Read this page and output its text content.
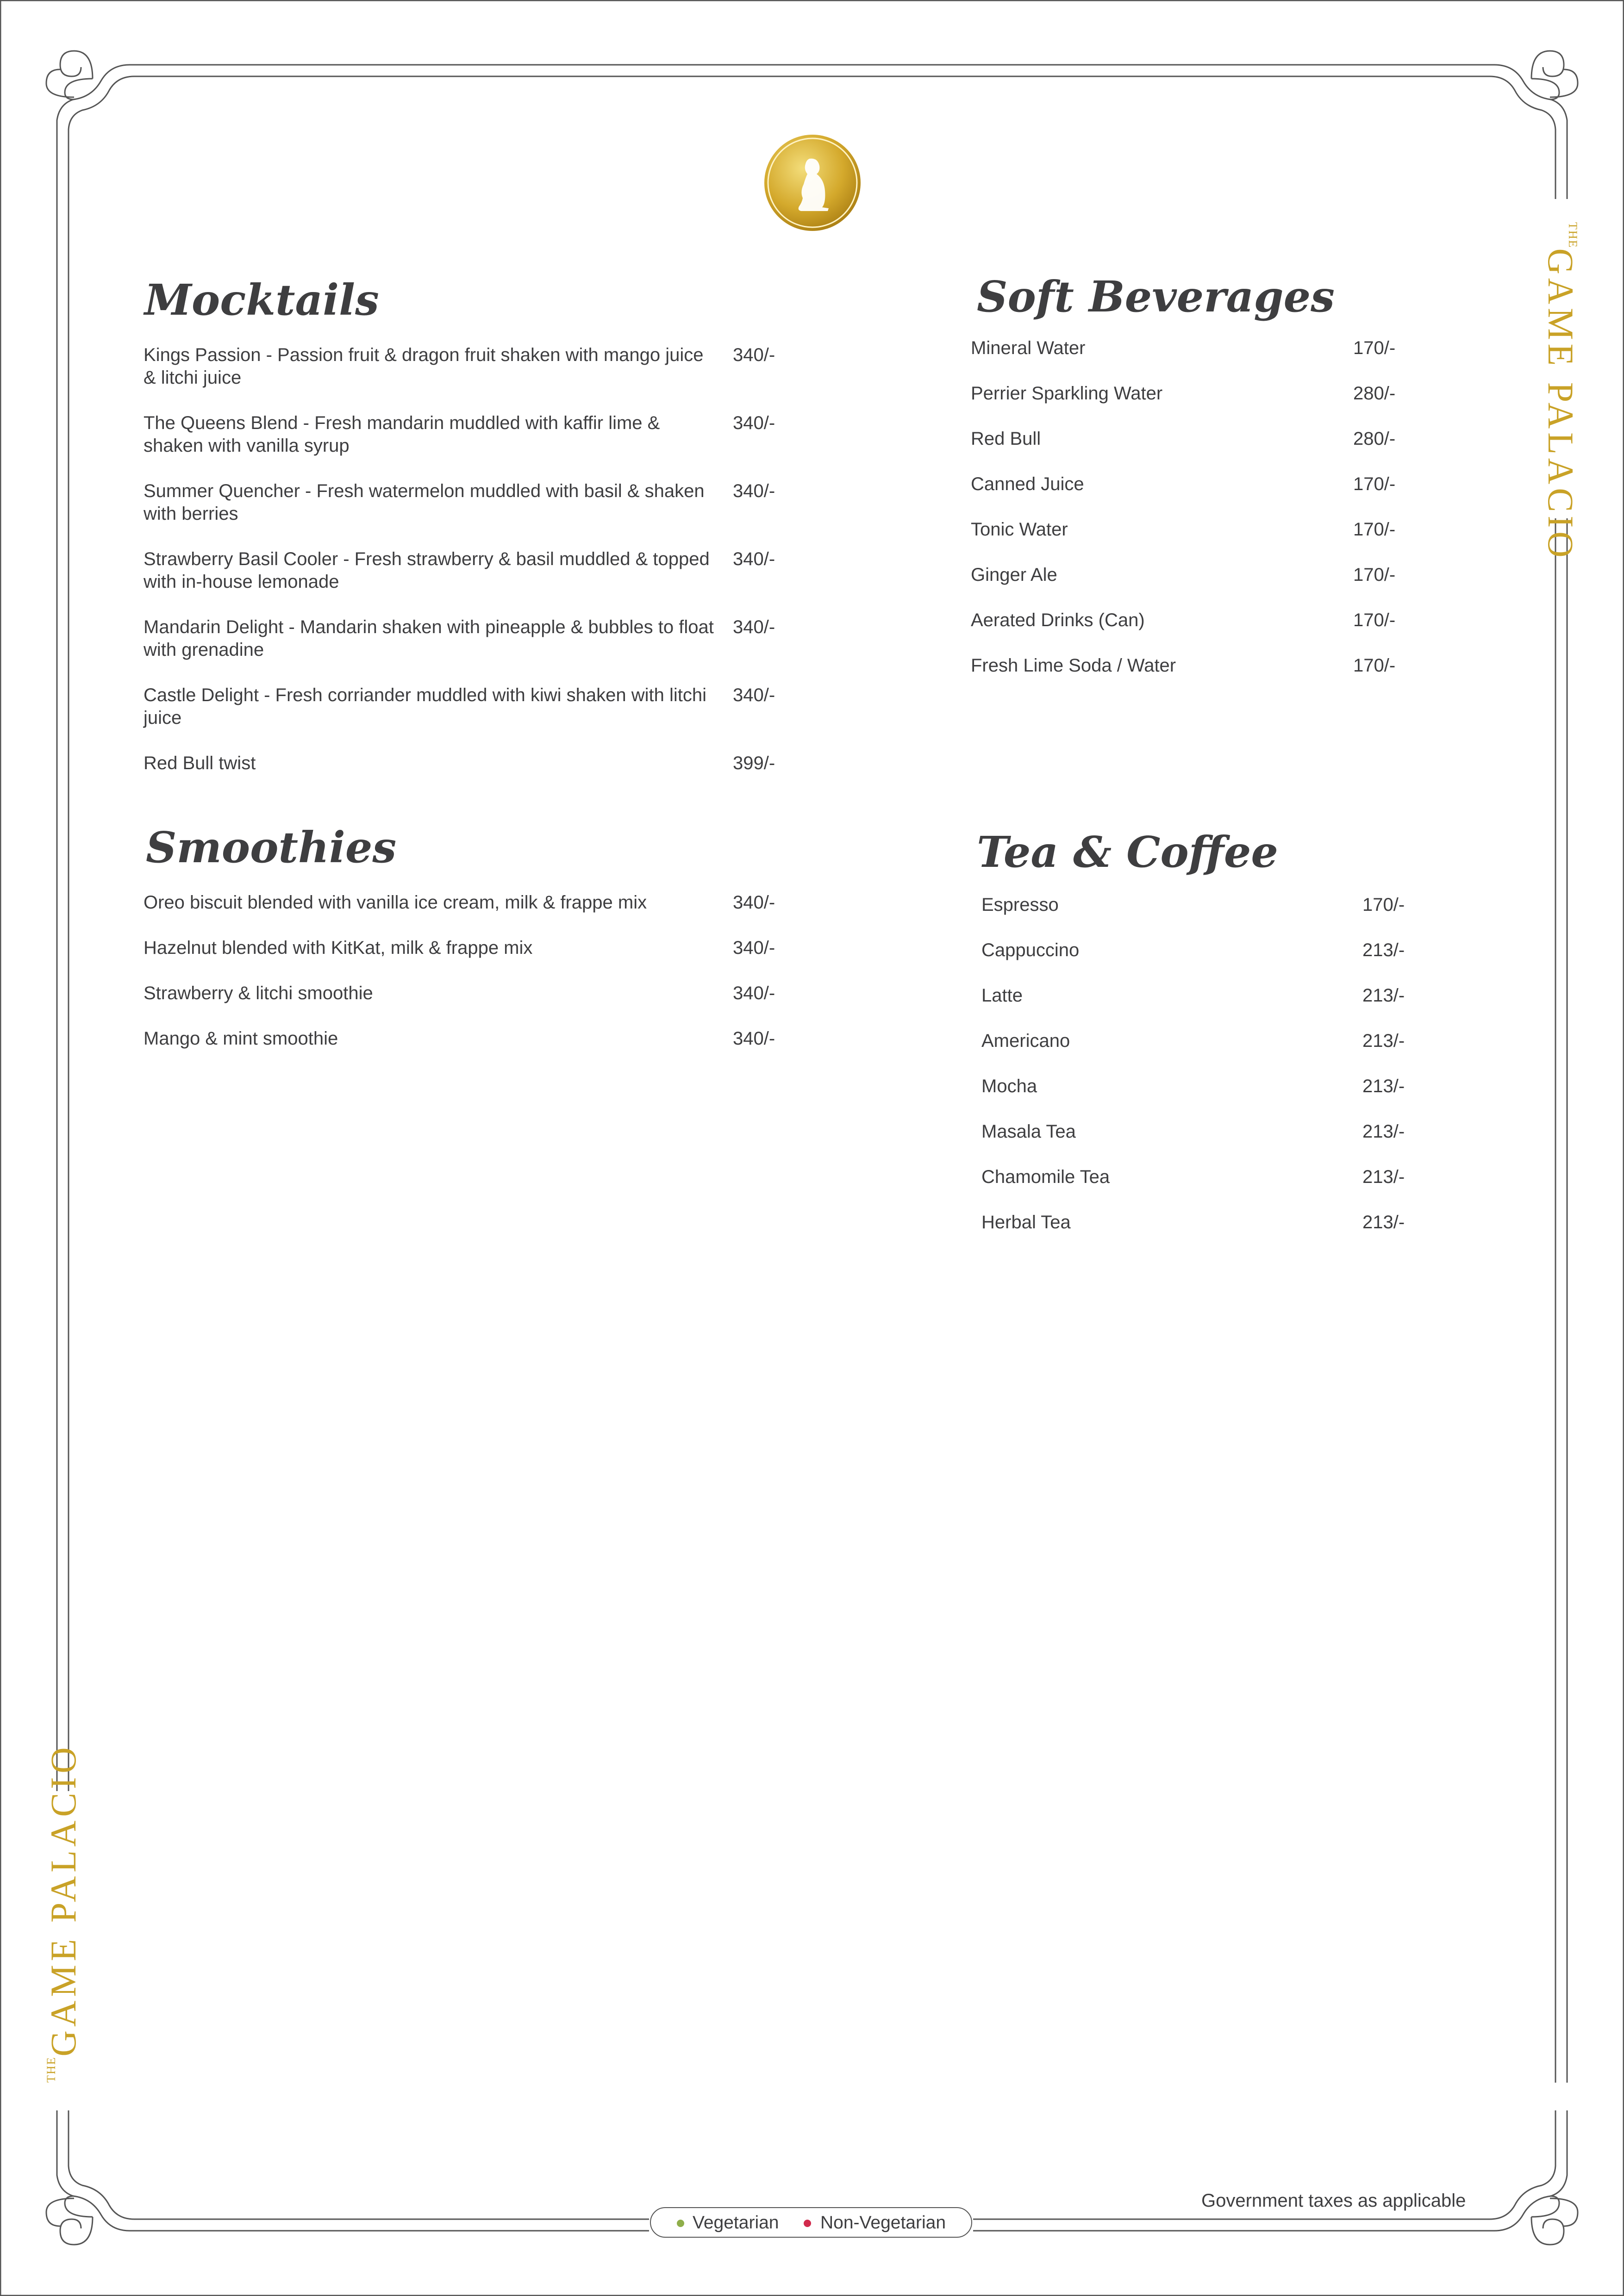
$^{THE}$GAME PALACIO
$^{THE}$GAME PALACIO
Mocktails
Smoothies
Soft Beverages
Tea & Coffee
Kings Passion - Passion fruit & dragon fruit shaken with mango juice & litchi juice
340/-
The Queens Blend - Fresh mandarin muddled with kaffir lime & shaken with vanilla syrup
340/-
Summer Quencher - Fresh watermelon muddled with basil & shaken with berries
340/-
Strawberry Basil Cooler - Fresh strawberry & basil muddled & topped with in-house lemonade
340/-
Mandarin Delight - Mandarin shaken with pineapple & bubbles to float with grenadine
340/-
Castle Delight - Fresh corriander muddled with kiwi shaken with litchi juice
340/-
Red Bull twist	399/-
Oreo biscuit blended with vanilla ice cream, milk & frappe mix	340/-
Hazelnut blended with KitKat, milk & frappe mix	340/-
Strawberry & litchi smoothie	340/-
Mango & mint smoothie	340/-
Mineral Water	170/-
Perrier Sparkling Water	280/-
Red Bull	280/-
Canned Juice	170/-
Tonic Water	170/-
Ginger Ale	170/-
Aerated Drinks (Can)	170/-
Fresh Lime Soda / Water	170/-
Espresso	170/-
Cappuccino	213/-
Latte	213/-
Americano	213/-
Mocha	213/-
Masala Tea	213/-
Chamomile Tea	213/-
Herbal Tea	213/-
Government taxes as applicable
Vegetarian Non-Vegetarian
